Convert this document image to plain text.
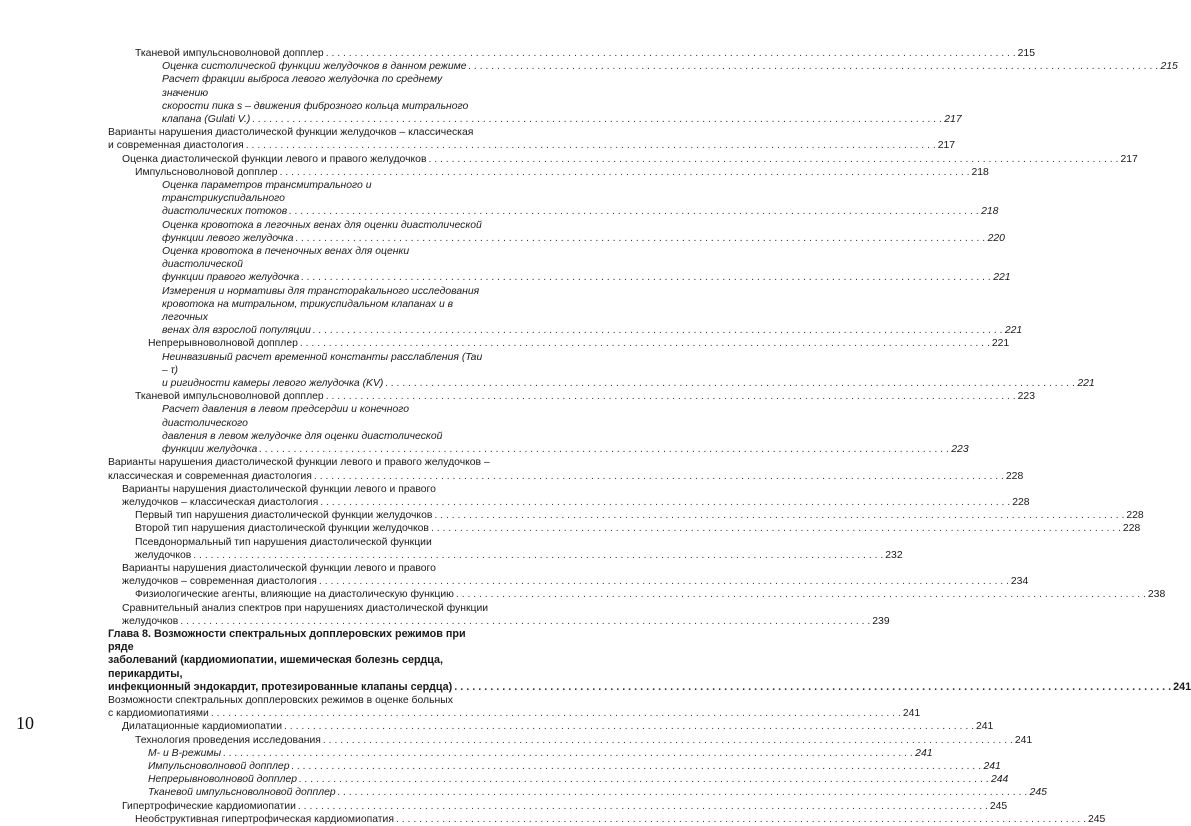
Тканевой импульсноволновой допплер . . .	215
Оценка систолической функции желудочков в данном режиме . . .	215
Расчет фракции выброса левого желудочка по среднему значению
скорости пика s – движения фиброзного кольца митрального
клапана (Gulati V.) . . .	217
Варианты нарушения диастолической функции желудочков – классическая
и современная диастология . . .	217
Оценка диастолической функции левого и правого желудочков . . .	217
Импульсноволновой допплер . . .	218
Оценка параметров трансмитрального и транстрикуспидального
диастолических потоков . . .	218
Оценка кровотока в легочных венах для оценки диастолической
функции левого желудочка . . .	220
Оценка кровотока в печеночных венах для оценки диастолической
функции правого желудочка . . .	221
Измерения и нормативы для транстораkального исследования
кровотока на митральном, трикуспидальном клапанах и в легочных
венах для взрослой популяции . . .	221
Непрерывноволновой допплер . . .	221
Неинвазивный расчет временной константы расслабления (Tau – τ)
и ригидности камеры левого желудочка (KV) . . .	221
Тканевой импульсноволновой допплер . . .	223
Расчет давления в левом предсердии и конечного диастолического
давления в левом желудочке для оценки диастолической
функции желудочка . . .	223
Варианты нарушения диастолической функции левого и правого желудочков –
классическая и современная диастология . . .	228
Варианты нарушения диастолической функции левого и правого
желудочков – классическая диастология . . .	228
Первый тип нарушения диастолической функции желудочков . . .	228
Второй тип нарушения диастолической функции желудочков . . .	228
Псевдонормальный тип нарушения диастолической функции
желудочков . . .	232
Варианты нарушения диастолической функции левого и правого
желудочков – современная диастология . . .	234
Физиологические агенты, влияющие на диастолическую функцию . . .	238
Сравнительный анализ спектров при нарушениях диастолической функции
желудочков . . .	239
Глава 8. Возможности спектральных допплеровских режимов при ряде
заболеваний (кардиомиопатии, ишемическая болезнь сердца, перикардиты,
инфекционный эндокардит, протезированные клапаны сердца) . . .	241
Возможности спектральных допплеровских режимов в оценке больных
с кардиомиопатиями . . .	241
Дилатационные кардиомиопатии . . .	241
Технология проведения исследования . . .	241
М- и В-режимы . . .	241
Импульсноволновой допплер . . .	241
Непрерывноволновой допплер . . .	244
Тканевой импульсноволновой допплер . . .	245
Гипертрофические кардиомиопатии . . .	245
Необструктивная гипертрофическая кардиомиопатия . . .	245
10
